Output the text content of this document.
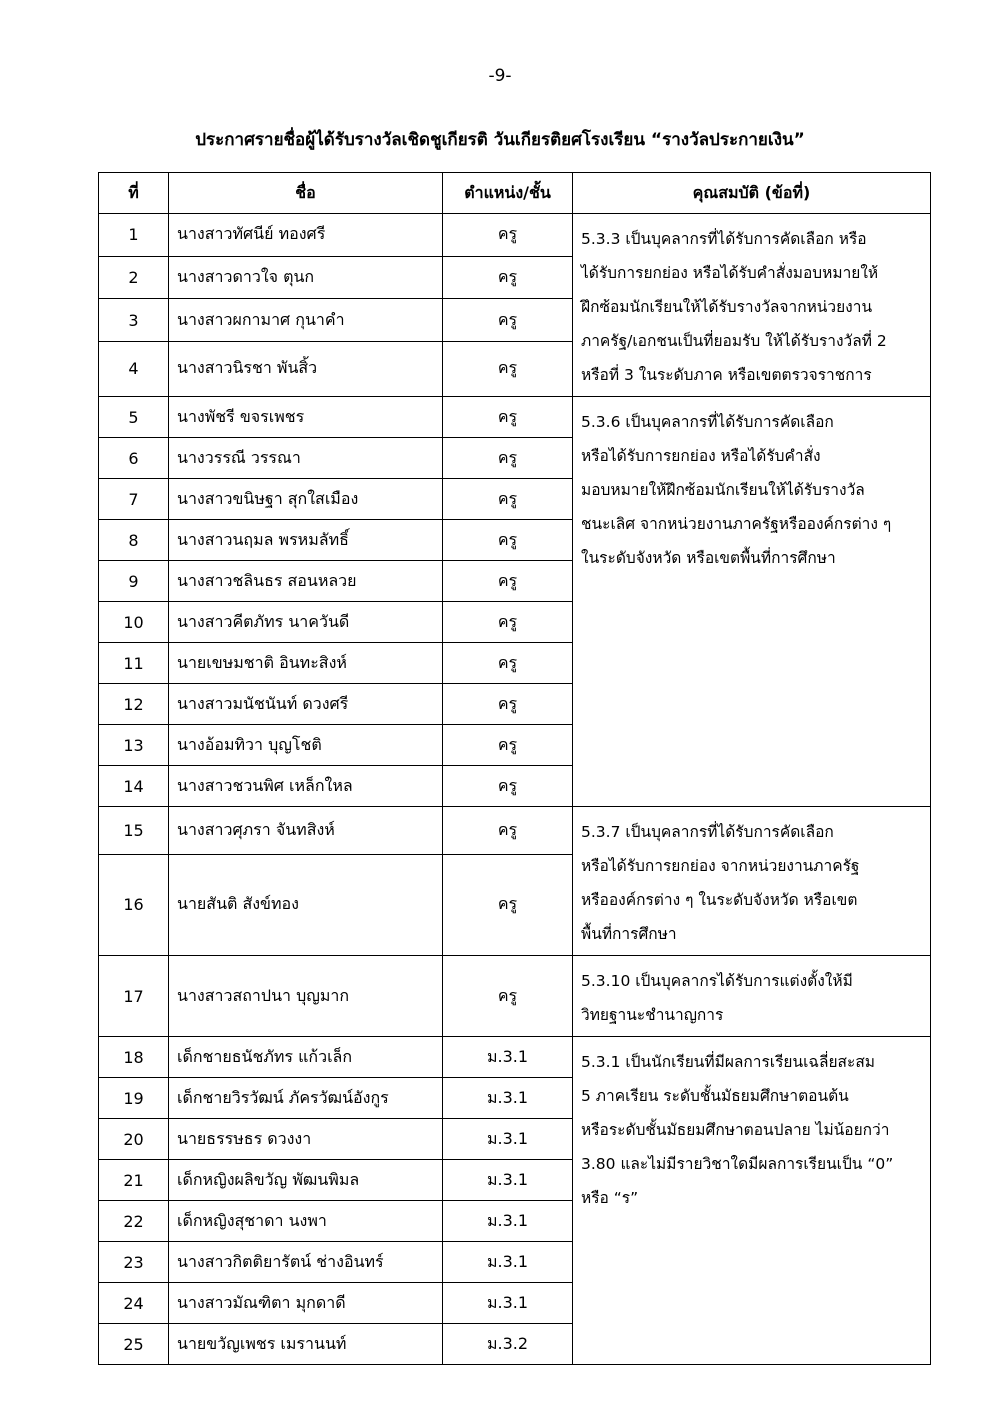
-9-
ประกาศรายชื่อผู้ได้รับรางวัลเชิดชูเกียรติ วันเกียรติยศโรงเรียน “รางวัลประกายเงิน”
ที่	ชื่อ	ตำแหน่ง/ชั้น	คุณสมบัติ (ข้อที่)
1	นางสาวทัศนีย์ ทองศรี	ครู	5.3.3 เป็นบุคลากรที่ได้รับการคัดเลือก หรือ
ได้รับการยกย่อง หรือได้รับคำสั่งมอบหมายให้
ฝึกซ้อมนักเรียนให้ได้รับรางวัลจากหน่วยงาน
ภาครัฐ/เอกชนเป็นที่ยอมรับ ให้ได้รับรางวัลที่ 2
หรือที่ 3 ในระดับภาค หรือเขตตรวจราชการ

2	นางสาวดาวใจ ตุนก	ครู	
3	นางสาวผกามาศ กุนาคำ	ครู	
4	นางสาวนิรชา พันสิ้ว	ครู	
5	นางพัชรี ขจรเพชร	ครู	5.3.6 เป็นบุคลากรที่ได้รับการคัดเลือก
หรือได้รับการยกย่อง หรือได้รับคำสั่ง
มอบหมายให้ฝึกซ้อมนักเรียนให้ได้รับรางวัล
ชนะเลิศ จากหน่วยงานภาครัฐหรือองค์กรต่าง ๆ
ในระดับจังหวัด หรือเขตพื้นที่การศึกษา

6	นางวรรณี วรรณา	ครู	
7	นางสาวขนิษฐา สุกใสเมือง	ครู	
8	นางสาวนฤมล พรหมลัทธิ์	ครู	
9	นางสาวชลินธร สอนหลวย	ครู	
10	นางสาวคีตภัทร นาควันดี	ครู	
11	นายเขษมชาติ อินทะสิงห์	ครู	
12	นางสาวมนัชนันท์ ดวงศรี	ครู	
13	นางอ้อมทิวา บุญโชติ	ครู	
14	นางสาวชวนพิศ เหล็กใหล	ครู	
15	นางสาวศุภรา จันทสิงห์	ครู	5.3.7 เป็นบุคลากรที่ได้รับการคัดเลือก
หรือได้รับการยกย่อง จากหน่วยงานภาครัฐ
หรือองค์กรต่าง ๆ ในระดับจังหวัด หรือเขต
พื้นที่การศึกษา

16	นายสันติ สังข์ทอง	ครู	
17	นางสาวสถาปนา บุญมาก	ครู	5.3.10 เป็นบุคลากรได้รับการแต่งตั้งให้มี
วิทยฐานะชำนาญการ

18	เด็กชายธนัชภัทร แก้วเล็ก	ม.3.1	5.3.1 เป็นนักเรียนที่มีผลการเรียนเฉลี่ยสะสม
5 ภาคเรียน ระดับชั้นมัธยมศึกษาตอนต้น
หรือระดับชั้นมัธยมศึกษาตอนปลาย ไม่น้อยกว่า
3.80 และไม่มีรายวิชาใดมีผลการเรียนเป็น “0”
หรือ “ร”

19	เด็กชายวิรวัฒน์ ภัครวัฒน์อังกูร	ม.3.1	
20	นายธรรษธร ดวงงา	ม.3.1	
21	เด็กหญิงผลิขวัญ พัฒนพิมล	ม.3.1	
22	เด็กหญิงสุชาดา นงพา	ม.3.1	
23	นางสาวกิตติยารัตน์ ช่างอินทร์	ม.3.1	
24	นางสาวมัณฑิตา มุกดาดี	ม.3.1	
25	นายขวัญเพชร เมรานนท์	ม.3.2	
